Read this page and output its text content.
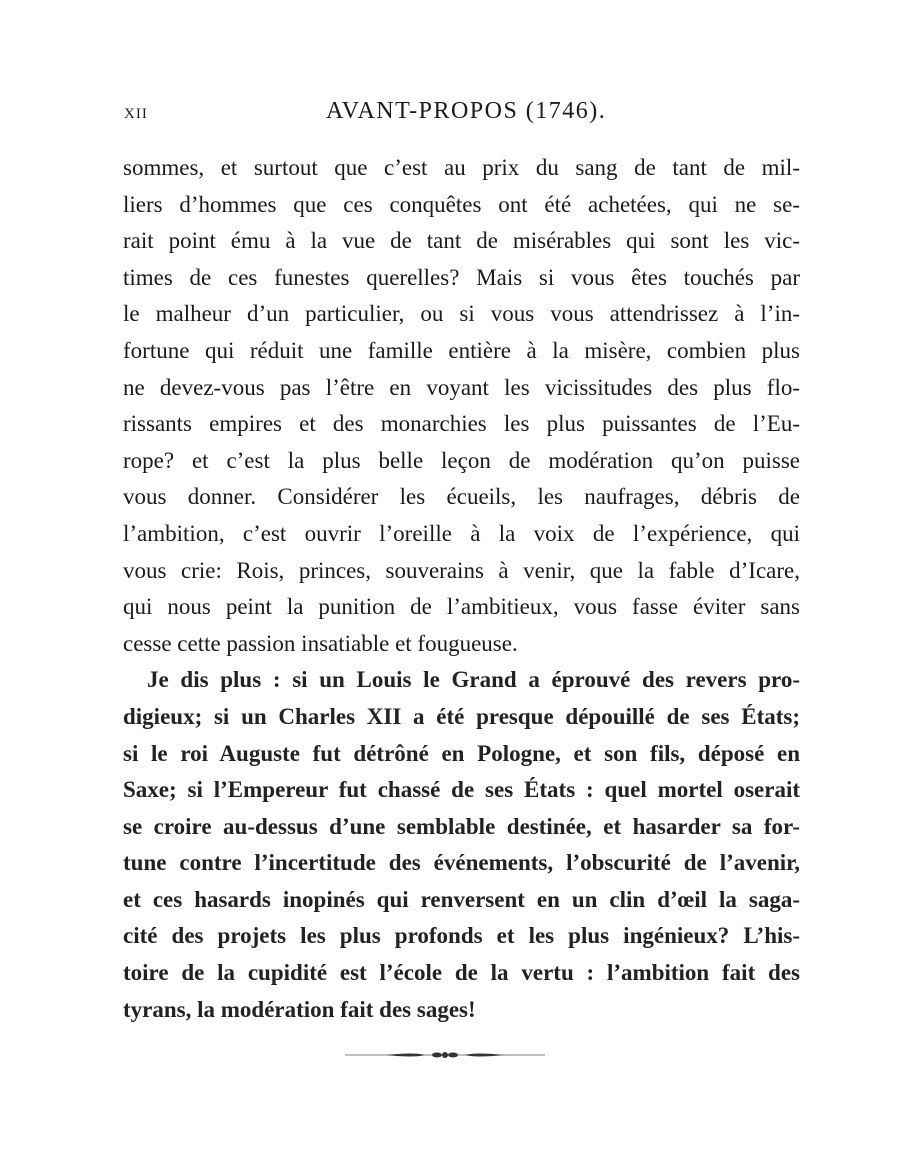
XII	AVANT-PROPOS (1746).
sommes, et surtout que c’est au prix du sang de tant de mil-
liers d’hommes que ces conquêtes ont été achetées, qui ne se-
rait point ému à la vue de tant de misérables qui sont les vic-
times de ces funestes querelles? Mais si vous êtes touchés par
le malheur d’un particulier, ou si vous vous attendrissez à l’in-
fortune qui réduit une famille entière à la misère, combien plus
ne devez-vous pas l’être en voyant les vicissitudes des plus flo-
rissants empires et des monarchies les plus puissantes de l’Eu-
rope? et c’est la plus belle leçon de modération qu’on puisse
vous donner. Considérer les écueils, les naufrages, débris de
l’ambition, c’est ouvrir l’oreille à la voix de l’expérience, qui
vous crie: Rois, princes, souverains à venir, que la fable d’Icare,
qui nous peint la punition de l’ambitieux, vous fasse éviter sans
cesse cette passion insatiable et fougueuse.
Je dis plus : si un Louis le Grand a éprouvé des revers pro-
digieux; si un Charles XII a été presque dépouillé de ses États;
si le roi Auguste fut détrôné en Pologne, et son fils, déposé en
Saxe; si l’Empereur fut chassé de ses États : quel mortel oserait
se croire au-dessus d’une semblable destinée, et hasarder sa for-
tune contre l’incertitude des événements, l’obscurité de l’avenir,
et ces hasards inopinés qui renversent en un clin d’œil la saga-
cité des projets les plus profonds et les plus ingénieux? L’his-
toire de la cupidité est l’école de la vertu : l’ambition fait des
tyrans, la modération fait des sages!
